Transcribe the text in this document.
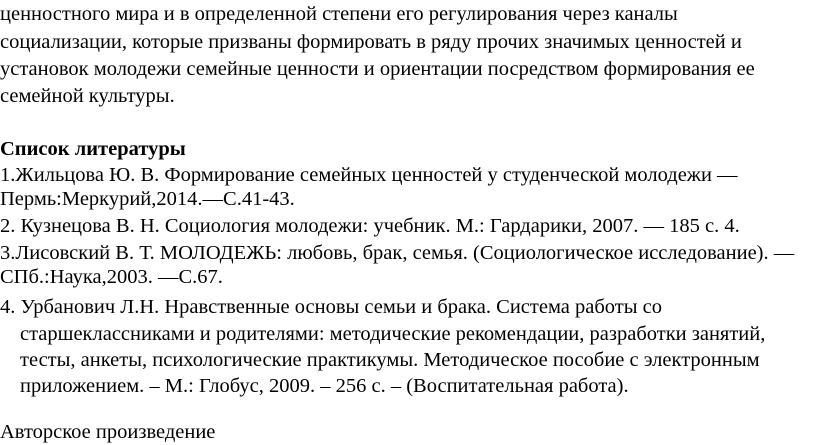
ценностного мира и в определенной степени его регулирования через каналы
социализации, которые призваны формировать в ряду прочих значимых ценностей и
установок молодежи семейные ценности и ориентации посредством формирования ее
семейной культуры.
Список литературы
1.Жильцова Ю. В. Формирование семейных ценностей у студенческой молодежи —
Пермь:Меркурий,2014.—С.41-43.
2. Кузнецова В. Н. Социология молодежи: учебник. М.: Гардарики, 2007. — 185 с. 4.
3.Лисовский В. Т. МОЛОДЕЖЬ: любовь, брак, семья. (Социологическое исследование). —
СПб.:Наука,2003. —С.67.
4. Урбанович Л.Н. Нравственные основы семьи и брака. Система работы со
старшеклассниками и родителями: методические рекомендации, разработки занятий,
тесты, анкеты, психологические практикумы. Методическое пособие с электронным
приложением. – М.: Глобус, 2009. – 256 с. – (Воспитательная работа).
Авторское произведение
